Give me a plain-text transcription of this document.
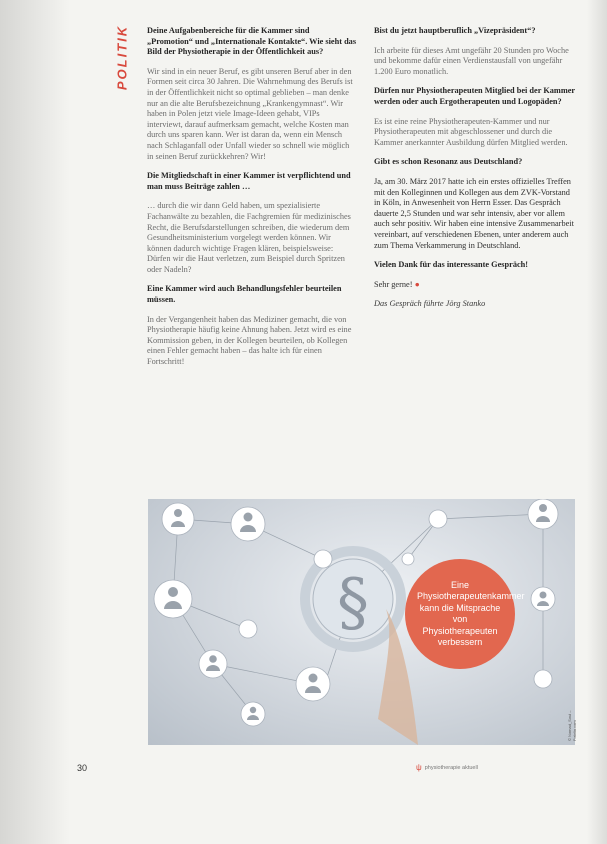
POLITIK Deine Aufgabenbereiche für die Kammer sind „Promotion“ und „Internationale Kontakte“. Wie sieht das Bild der Physiotherapie in der Öffentlichkeit aus?

Wir sind in ein neuer Beruf, es gibt unseren Beruf aber in den Formen seit circa 30 Jahren. Die Wahrnehmung des Berufs ist in der Öffentlichkeit nicht so optimal geblieben – man denke nur an die alte Berufsbezeichnung „Krankengymnast“. Wir haben in Polen jetzt viele Image-Ideen gehabt, VIPs interviewt, darauf aufmerksam gemacht, welche Kosten man durch uns sparen kann. Wer ist daran da, wenn ein Mensch nach Schlaganfall oder Unfall wieder so schnell wie möglich in seinen Beruf zurückkehren? Wir!

Die Mitgliedschaft in einer Kammer ist verpflichtend und man muss Beiträge zahlen …

… durch die wir dann Geld haben, um spezialisierte Fachanwälte zu bezahlen, die Fachgremien für medizinisches Recht, die Berufsdarstellungen schreiben, die wiederum dem Gesundheitsministerium vorgelegt werden können. Wir können dadurch wichtige Fragen klären, beispielsweise: Dürfen wir die Haut verletzen, zum Beispiel durch Spritzen oder Nadeln?

Eine Kammer wird auch Behandlungsfehler beurteilen müssen.

In der Vergangenheit haben das Mediziner gemacht, die von Physiotherapie häufig keine Ahnung haben. Jetzt wird es eine Kommission geben, in der Kollegen beurteilen, ob Kollegen einen Fehler gemacht haben – das halte ich für einen Fortschritt!

Bist du jetzt hauptberuflich „Vizepräsident“?

Ich arbeite für dieses Amt ungefähr 20 Stunden pro Woche und bekomme dafür einen Verdienstausfall von ungefähr 1.200 Euro monatlich.

Dürfen nur Physiotherapeuten Mitglied bei der Kammer werden oder auch Ergotherapeuten und Logopäden?

Es ist eine reine Physiotherapeuten-Kammer und nur Physiotherapeuten mit abgeschlossener und durch die Kammer anerkannter Ausbildung dürfen Mitglied werden.

Gibt es schon Resonanz aus Deutschland?

Ja, am 30. März 2017 hatte ich ein erstes offizielles Treffen mit den Kolleginnen und Kollegen aus dem ZVK-Vorstand in Köln, in Anwesenheit von Herrn Esser. Das Gespräch dauerte 2,5 Stunden und war sehr intensiv, aber vor allem auch sehr positiv. Wir haben eine intensive Zusammenarbeit vereinbart, auf verschiedenen Ebenen, unter anderem auch zum Thema Verkammerung in Deutschland.

Vielen Dank für das interessante Gespräch!

Sehr gerne! ●

Das Gespräch führte Jörg Stanko

§	Eine Physiotherapeutenkammer kann die Mitsprache von Physiotherapeuten verbessern
© Nomad_Soul – Fotolia.com
30	ψ physiotherapie aktuell
